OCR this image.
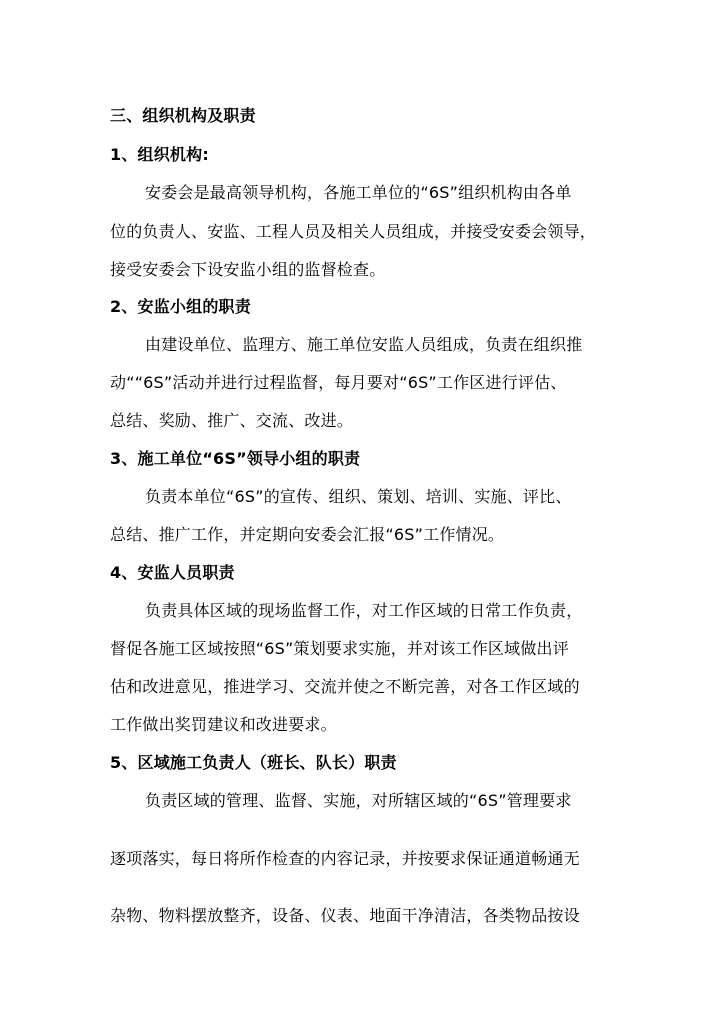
三、组织机构及职责
1、组织机构:
安委会是最高领导机构，各施工单位的“6S”组织机构由各单
位的负责人、安监、工程人员及相关人员组成，并接受安委会领导，
接受安委会下设安监小组的监督检查。
2、安监小组的职责
由建设单位、监理方、施工单位安监人员组成，负责在组织推
动““6S”活动并进行过程监督，每月要对“6S”工作区进行评估、
总结、奖励、推广、交流、改进。
3、施工单位“6S”领导小组的职责
负责本单位“6S”的宣传、组织、策划、培训、实施、评比、
总结、推广工作，并定期向安委会汇报“6S”工作情况。
4、安监人员职责
负责具体区域的现场监督工作，对工作区域的日常工作负责，
督促各施工区域按照“6S”策划要求实施，并对该工作区域做出评
估和改进意见，推进学习、交流并使之不断完善，对各工作区域的
工作做出奖罚建议和改进要求。
5、区域施工负责人（班长、队长）职责
负责区域的管理、监督、实施，对所辖区域的“6S”管理要求
逐项落实，每日将所作检查的内容记录，并按要求保证通道畅通无
杂物、物料摆放整齐，设备、仪表、地面干净清洁，各类物品按设
